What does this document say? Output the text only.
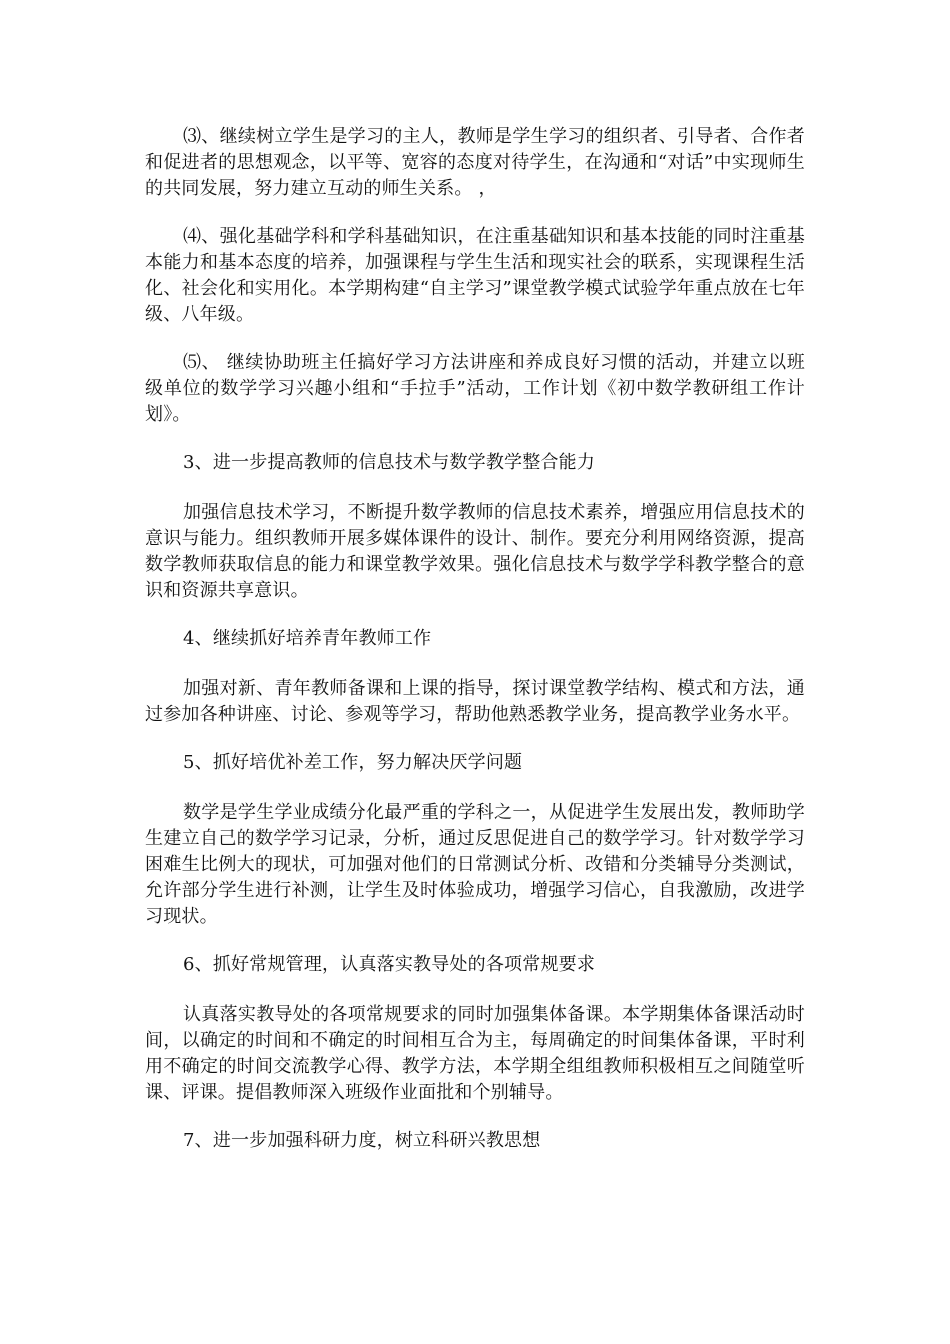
⑶、继续树立学生是学习的主人，教师是学生学习的组织者、引导者、合作者和促进者的思想观念，以平等、宽容的态度对待学生，在沟通和“对话”中实现师生的共同发展，努力建立互动的师生关系。 ，

⑷、强化基础学科和学科基础知识，在注重基础知识和基本技能的同时注重基本能力和基本态度的培养，加强课程与学生生活和现实社会的联系，实现课程生活化、社会化和实用化。本学期构建“自主学习”课堂教学模式试验学年重点放在七年级、八年级。

⑸、 继续协助班主任搞好学习方法讲座和养成良好习惯的活动，并建立以班级单位的数学学习兴趣小组和“手拉手”活动，工作计划《初中数学教研组工作计划》。

3、进一步提高教师的信息技术与数学教学整合能力

加强信息技术学习，不断提升数学教师的信息技术素养，增强应用信息技术的意识与能力。组织教师开展多媒体课件的设计、制作。要充分利用网络资源，提高数学教师获取信息的能力和课堂教学效果。强化信息技术与数学学科教学整合的意识和资源共享意识。

4、继续抓好培养青年教师工作

加强对新、青年教师备课和上课的指导，探讨课堂教学结构、模式和方法，通过参加各种讲座、讨论、参观等学习，帮助他熟悉教学业务，提高教学业务水平。

5、抓好培优补差工作，努力解决厌学问题

数学是学生学业成绩分化最严重的学科之一，从促进学生发展出发，教师助学生建立自己的数学学习记录，分析，通过反思促进自己的数学学习。针对数学学习困难生比例大的现状，可加强对他们的日常测试分析、改错和分类辅导分类测试，允许部分学生进行补测，让学生及时体验成功，增强学习信心，自我激励，改进学习现状。

6、抓好常规管理，认真落实教导处的各项常规要求

认真落实教导处的各项常规要求的同时加强集体备课。本学期集体备课活动时间，以确定的时间和不确定的时间相互合为主，每周确定的时间集体备课，平时利用不确定的时间交流教学心得、教学方法，本学期全组组教师积极相互之间随堂听课、评课。提倡教师深入班级作业面批和个别辅导。

7、进一步加强科研力度，树立科研兴教思想
